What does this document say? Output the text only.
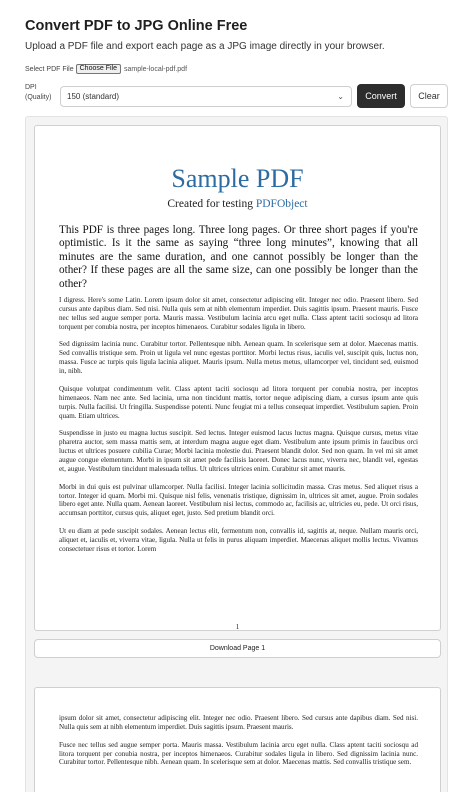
Convert PDF to JPG Online Free
Upload a PDF file and export each page as a JPG image directly in your browser.
Select PDF File Choose File	sample-local-pdf.pdf
DPI
(Quality)	150 (standard)	⌄	Convert	Clear
Sample PDF
Created for testing PDFObject
This PDF is three pages long. Three long pages. Or three short pages if you're optimistic. Is it the same as saying “three long minutes”, knowing that all minutes are the same duration, and one cannot possibly be longer than the other? If these pages are all the same size, can one possibly be longer than the other?

I digress. Here's some Latin. Lorem ipsum dolor sit amet, consectetur adipiscing elit. Integer nec odio. Praesent libero. Sed cursus ante dapibus diam. Sed nisi. Nulla quis sem at nibh elementum imperdiet. Duis sagittis ipsum. Praesent mauris. Fusce nec tellus sed augue semper porta. Mauris massa. Vestibulum lacinia arcu eget nulla. Class aptent taciti sociosqu ad litora torquent per conubia nostra, per inceptos himenaeos. Curabitur sodales ligula in libero.

Sed dignissim lacinia nunc. Curabitur tortor. Pellentesque nibh. Aenean quam. In scelerisque sem at dolor. Maecenas mattis. Sed convallis tristique sem. Proin ut ligula vel nunc egestas porttitor. Morbi lectus risus, iaculis vel, suscipit quis, luctus non, massa. Fusce ac turpis quis ligula lacinia aliquet. Mauris ipsum. Nulla metus metus, ullamcorper vel, tincidunt sed, euismod in, nibh.

Quisque volutpat condimentum velit. Class aptent taciti sociosqu ad litora torquent per conubia nostra, per inceptos himenaeos. Nam nec ante. Sed lacinia, urna non tincidunt mattis, tortor neque adipiscing diam, a cursus ipsum ante quis turpis. Nulla facilisi. Ut fringilla. Suspendisse potenti. Nunc feugiat mi a tellus consequat imperdiet. Vestibulum sapien. Proin quam. Etiam ultrices.

Suspendisse in justo eu magna luctus suscipit. Sed lectus. Integer euismod lacus luctus magna. Quisque cursus, metus vitae pharetra auctor, sem massa mattis sem, at interdum magna augue eget diam. Vestibulum ante ipsum primis in faucibus orci luctus et ultrices posuere cubilia Curae; Morbi lacinia molestie dui. Praesent blandit dolor. Sed non quam. In vel mi sit amet augue congue elementum. Morbi in ipsum sit amet pede facilisis laoreet. Donec lacus nunc, viverra nec, blandit vel, egestas et, augue. Vestibulum tincidunt malesuada tellus. Ut ultrices ultrices enim. Curabitur sit amet mauris.

Morbi in dui quis est pulvinar ullamcorper. Nulla facilisi. Integer lacinia sollicitudin massa. Cras metus. Sed aliquet risus a tortor. Integer id quam. Morbi mi. Quisque nisl felis, venenatis tristique, dignissim in, ultrices sit amet, augue. Proin sodales libero eget ante. Nulla quam. Aenean laoreet. Vestibulum nisi lectus, commodo ac, facilisis ac, ultricies eu, pede. Ut orci risus, accumsan porttitor, cursus quis, aliquet eget, justo. Sed pretium blandit orci.

Ut eu diam at pede suscipit sodales. Aenean lectus elit, fermentum non, convallis id, sagittis at, neque. Nullam mauris orci, aliquet et, iaculis et, viverra vitae, ligula. Nulla ut felis in purus aliquam imperdiet. Maecenas aliquet mollis lectus. Vivamus consectetuer risus et tortor. Lorem

1
Download Page 1

ipsum dolor sit amet, consectetur adipiscing elit. Integer nec odio. Praesent libero. Sed cursus ante dapibus diam. Sed nisi. Nulla quis sem at nibh elementum imperdiet. Duis sagittis ipsum. Praesent mauris.

Fusce nec tellus sed augue semper porta. Mauris massa. Vestibulum lacinia arcu eget nulla. Class aptent taciti sociosqu ad litora torquent per conubia nostra, per inceptos himenaeos. Curabitur sodales ligula in libero. Sed dignissim lacinia nunc. Curabitur tortor. Pellentesque nibh. Aenean quam. In scelerisque sem at dolor. Maecenas mattis. Sed convallis tristique sem.
